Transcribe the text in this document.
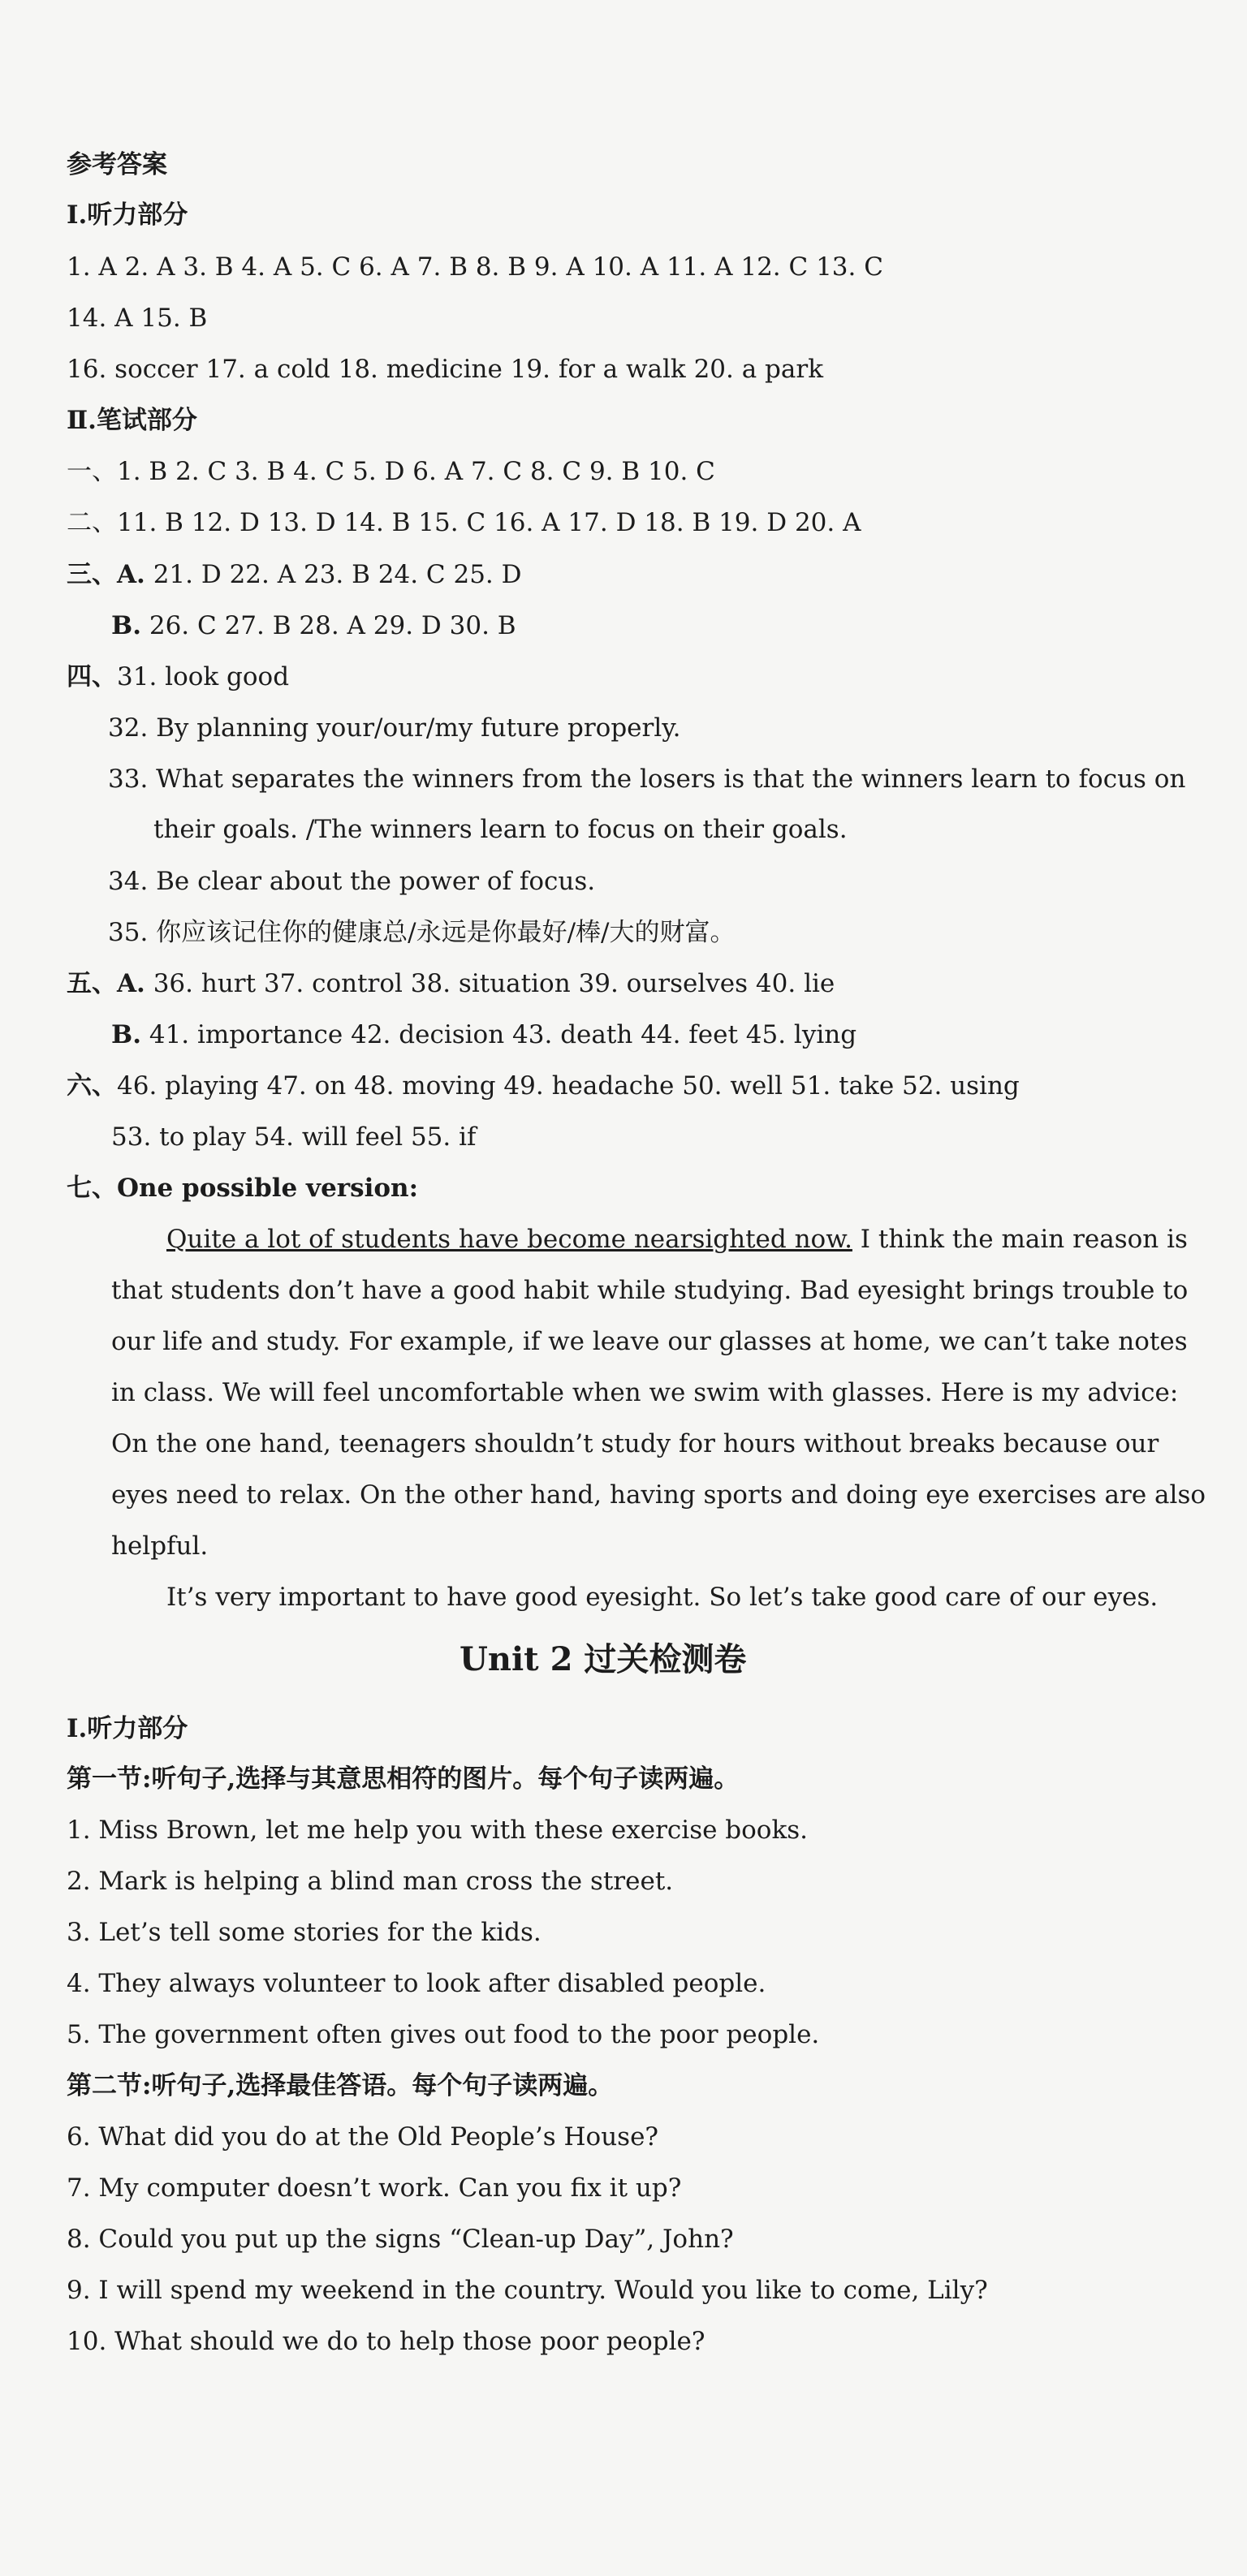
参考答案
Ⅰ.听力部分
1. A 2. A 3. B 4. A 5. C 6. A 7. B 8. B 9. A 10. A 11. A 12. C 13. C
14. A 15. B
16. soccer 17. a cold 18. medicine 19. for a walk 20. a park
Ⅱ.笔试部分
一、1. B 2. C 3. B 4. C 5. D 6. A 7. C 8. C 9. B 10. C
二、11. B 12. D 13. D 14. B 15. C 16. A 17. D 18. B 19. D 20. A
三、A. 21. D 22. A 23. B 24. C 25. D
B. 26. C 27. B 28. A 29. D 30. B
四、31. look good
32. By planning your/our/my future properly.
33. What separates the winners from the losers is that the winners learn to focus on
their goals. /The winners learn to focus on their goals.
34. Be clear about the power of focus.
35. 你应该记住你的健康总/永远是你最好/棒/大的财富。
五、A. 36. hurt 37. control 38. situation 39. ourselves 40. lie
B. 41. importance 42. decision 43. death 44. feet 45. lying
六、46. playing 47. on 48. moving 49. headache 50. well 51. take 52. using
53. to play 54. will feel 55. if
七、One possible version:
Quite a lot of students have become nearsighted now. I think the main reason is
that students don’t have a good habit while studying. Bad eyesight brings trouble to
our life and study. For example, if we leave our glasses at home, we can’t take notes
in class. We will feel uncomfortable when we swim with glasses. Here is my advice:
On the one hand, teenagers shouldn’t study for hours without breaks because our
eyes need to relax. On the other hand, having sports and doing eye exercises are also
helpful.
It’s very important to have good eyesight. So let’s take good care of our eyes.
Unit 2 过关检测卷
Ⅰ.听力部分
第一节:听句子,选择与其意思相符的图片。每个句子读两遍。
1. Miss Brown, let me help you with these exercise books.
2. Mark is helping a blind man cross the street.
3. Let’s tell some stories for the kids.
4. They always volunteer to look after disabled people.
5. The government often gives out food to the poor people.
第二节:听句子,选择最佳答语。每个句子读两遍。
6. What did you do at the Old People’s House?
7. My computer doesn’t work. Can you fix it up?
8. Could you put up the signs “Clean-up Day”, John?
9. I will spend my weekend in the country. Would you like to come, Lily?
10. What should we do to help those poor people?
